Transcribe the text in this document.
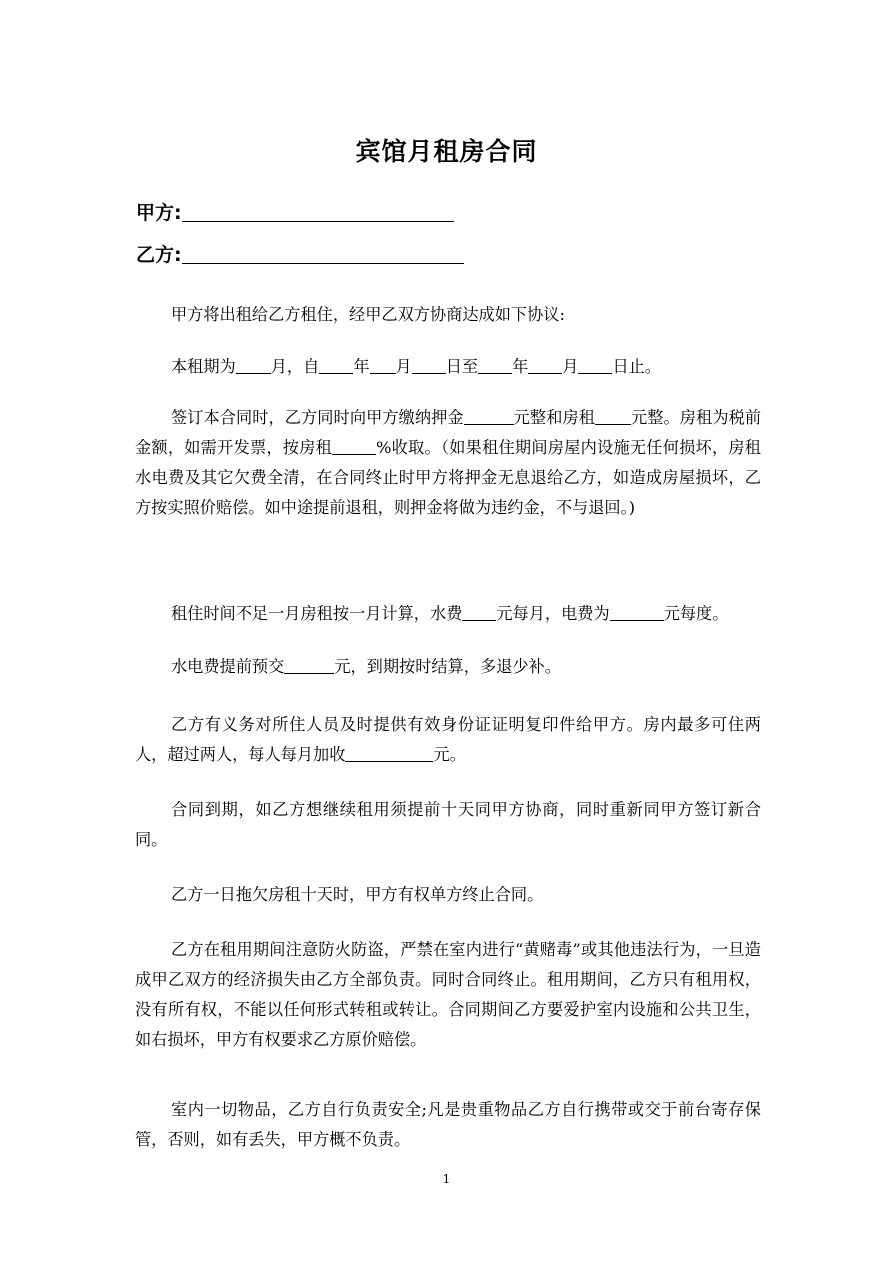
宾馆月租房合同
甲方:
乙方:
甲方将出租给乙方租住，经甲乙双方协商达成如下协议:
本租期为 月，自 年 月 日至 年 月 日止。
签订本合同时，乙方同时向甲方缴纳押金	元整和房租 元整。房租为税前金额，如需开发票，按房租	%收取。（如果租住期间房屋内设施无任何损坏，房租水电费及其它欠费全清，在合同终止时甲方将押金无息退给乙方，如造成房屋损坏，乙方按实照价赔偿。如中途提前退租，则押金将做为违约金，不与退回。)
租住时间不足一月房租按一月计算，水费 元每月，电费为	元每度。
水电费提前预交	元，到期按时结算，多退少补。
乙方有义务对所住人员及时提供有效身份证证明复印件给甲方。房内最多可住两人，超过两人，每人每月加收	元。
合同到期，如乙方想继续租用须提前十天同甲方协商，同时重新同甲方签订新合同。
乙方一日拖欠房租十天时，甲方有权单方终止合同。
乙方在租用期间注意防火防盗，严禁在室内进行“黄赌毒”或其他违法行为，一旦造成甲乙双方的经济损失由乙方全部负责。同时合同终止。租用期间，乙方只有租用权，没有所有权，不能以任何形式转租或转让。合同期间乙方要爱护室内设施和公共卫生，如右损坏，甲方有权要求乙方原价赔偿。
室内一切物品，乙方自行负责安全;凡是贵重物品乙方自行携带或交于前台寄存保管，否则，如有丢失，甲方概不负责。
1
